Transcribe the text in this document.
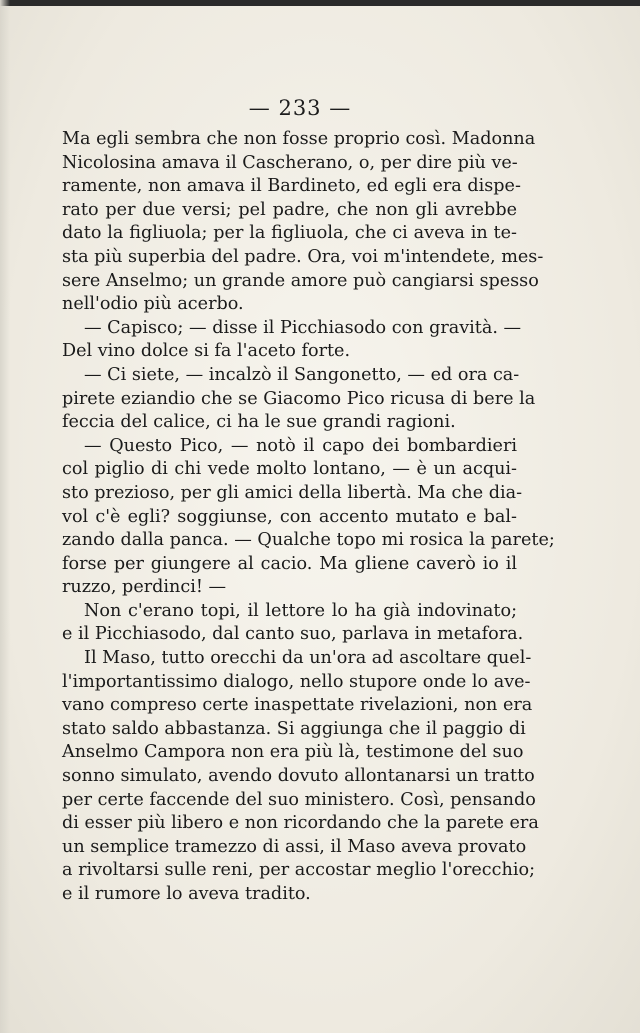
— 233 —
Ma egli sembra che non fosse proprio così. Madonna
Nicolosina amava il Cascherano, o, per dire più ve-
ramente, non amava il Bardineto, ed egli era dispe-
rato per due versi; pel padre, che non gli avrebbe
dato la figliuola; per la figliuola, che ci aveva in te-
sta più superbia del padre. Ora, voi m'intendete, mes-
sere Anselmo; un grande amore può cangiarsi spesso
nell'odio più acerbo.
— Capisco; — disse il Picchiasodo con gravità. —
Del vino dolce si fa l'aceto forte.
— Ci siete, — incalzò il Sangonetto, — ed ora ca-
pirete eziandio che se Giacomo Pico ricusa di bere la
feccia del calice, ci ha le sue grandi ragioni.
— Questo Pico, — notò il capo dei bombardieri
col piglio di chi vede molto lontano, — è un acqui-
sto prezioso, per gli amici della libertà. Ma che dia-
vol c'è egli? soggiunse, con accento mutato e bal-
zando dalla panca. — Qualche topo mi rosica la parete;
forse per giungere al cacio. Ma gliene caverò io il
ruzzo, perdinci! —
Non c'erano topi, il lettore lo ha già indovinato;
e il Picchiasodo, dal canto suo, parlava in metafora.
Il Maso, tutto orecchi da un'ora ad ascoltare quel-
l'importantissimo dialogo, nello stupore onde lo ave-
vano compreso certe inaspettate rivelazioni, non era
stato saldo abbastanza. Si aggiunga che il paggio di
Anselmo Campora non era più là, testimone del suo
sonno simulato, avendo dovuto allontanarsi un tratto
per certe faccende del suo ministero. Così, pensando
di esser più libero e non ricordando che la parete era
un semplice tramezzo di assi, il Maso aveva provato
a rivoltarsi sulle reni, per accostar meglio l'orecchio;
e il rumore lo aveva tradito.
